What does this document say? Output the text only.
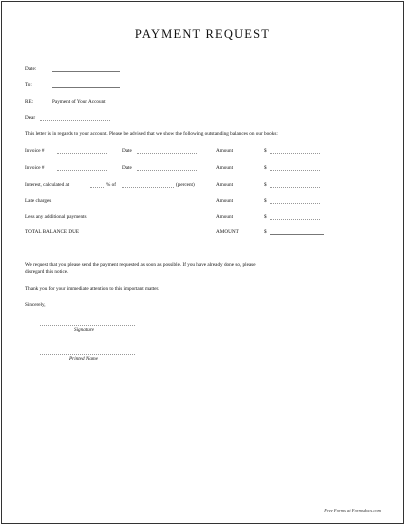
PAYMENT REQUEST
Date:
To:
RE:	Payment of Your Account
Dear
This letter is in regards to your account. Please be advised that we show the following outstanding balances on our books:
Invoice #	Date	Amount	$
Invoice #	Date	Amount	$
Interest, calculated at	% of	(percent)	Amount	$
Late charges	Amount	$
Less any additional payments	Amount	$
TOTAL BALANCE DUE	AMOUNT	$
We request that you please send the payment requested as soon as possible. If you have already done so, please
disregard this notice.
Thank you for your immediate attention to this important matter.
Sincerely,
Signature
Printed Name
Free Forms at Formsdocs.com
